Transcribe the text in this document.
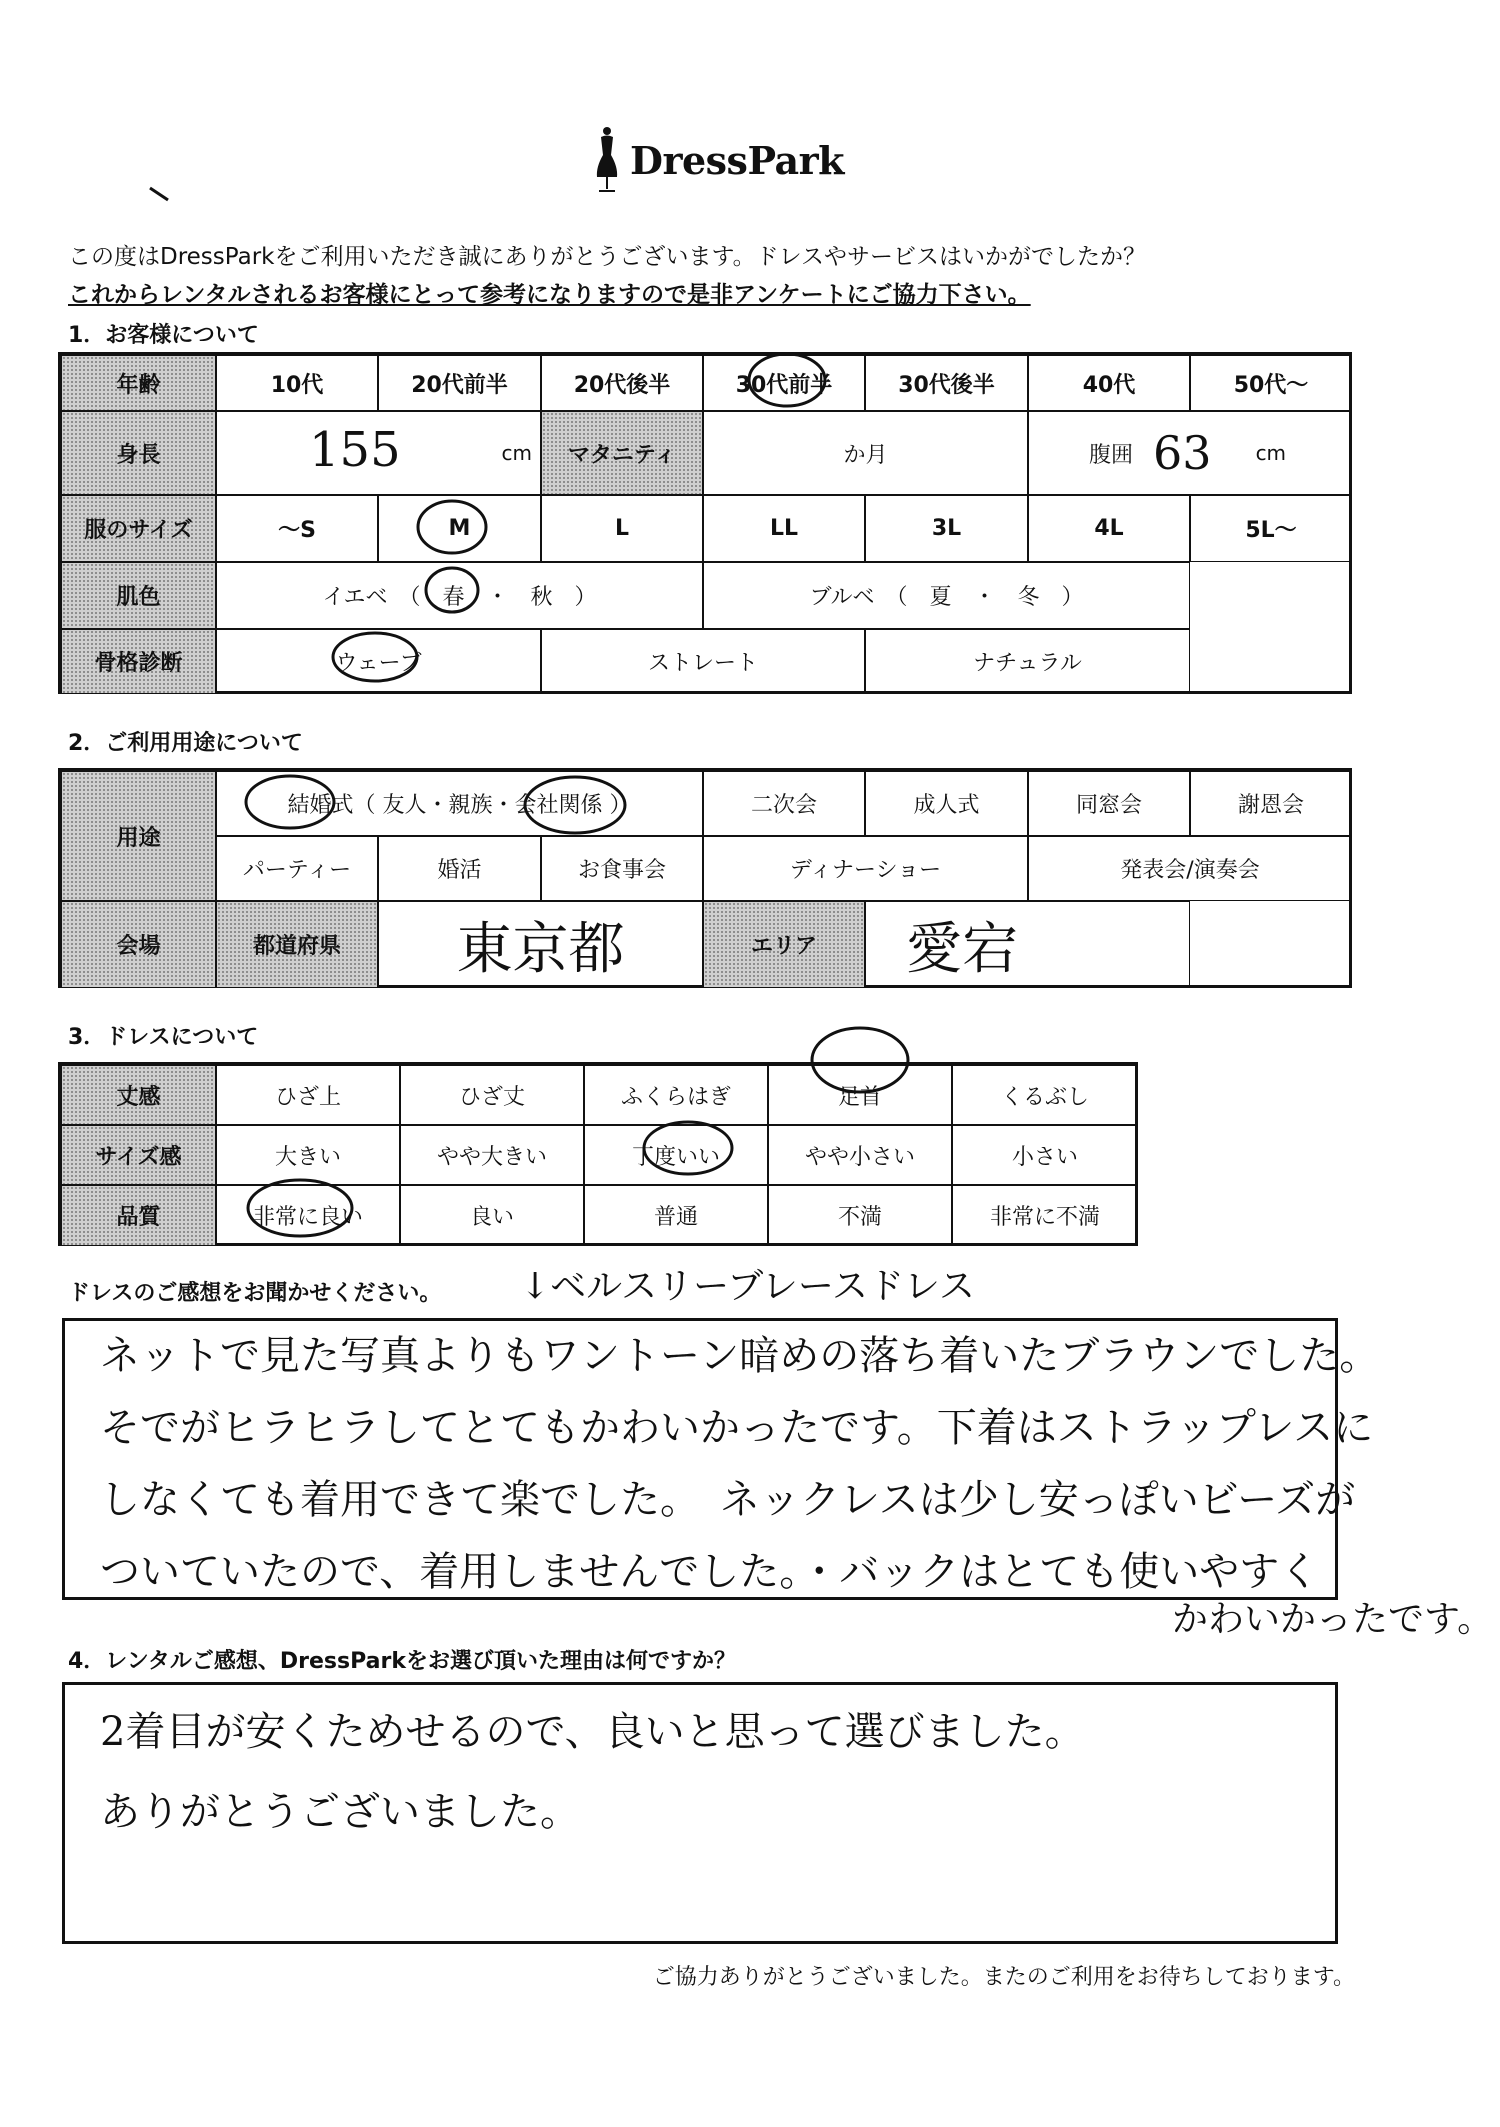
DressPark
この度はDressParkをご利用いただき誠にありがとうございます。ドレスやサービスはいかがでしたか？
これからレンタルされるお客様にとって参考になりますので是非アンケートにご協力下さい。
1．お客様について
年齢	10代	20代前半	20代後半	30代前半	30代後半	40代	50代～
身長	155	cm	マタニティ	か月	腹囲 63 cm
服のサイズ	～S	M	L	LL	3L	4L	5L～
肌色	イエベ　（　春　・　秋　）	ブルベ　（　夏　・　冬　）
骨格診断	ウェーブ	ストレート	ナチュラル
2．ご利用用途について
用途
結婚式（ 友人・親族・会社関係 ）	二次会	成人式	同窓会	謝恩会
パーティー	婚活	お食事会	ディナーショー	発表会/演奏会
会場	都道府県	東京都	エリア	愛宕
3．ドレスについて
丈感	ひざ上	ひざ丈	ふくらはぎ	足首	くるぶし
サイズ感	大きい	やや大きい	丁度いい	やや小さい	小さい
品質	非常に良い	良い	普通	不満	非常に不満
ドレスのご感想をお聞かせください。 ↓ベルスリーブレースドレス
ネットで見た写真よりもワントーン暗めの落ち着いたブラウンでした。
そでがヒラヒラしてとてもかわいかったです。下着はストラップレスに
しなくても着用できて楽でした。　ネックレスは少し安っぽいビーズが
ついていたので、着用しませんでした。・バックはとても使いやすく
かわいかったです。
4．レンタルご感想、DressParkをお選び頂いた理由は何ですか？
2着目が安くためせるので、良いと思って選びました。
ありがとうございました。
ご協力ありがとうございました。またのご利用をお待ちしております。
